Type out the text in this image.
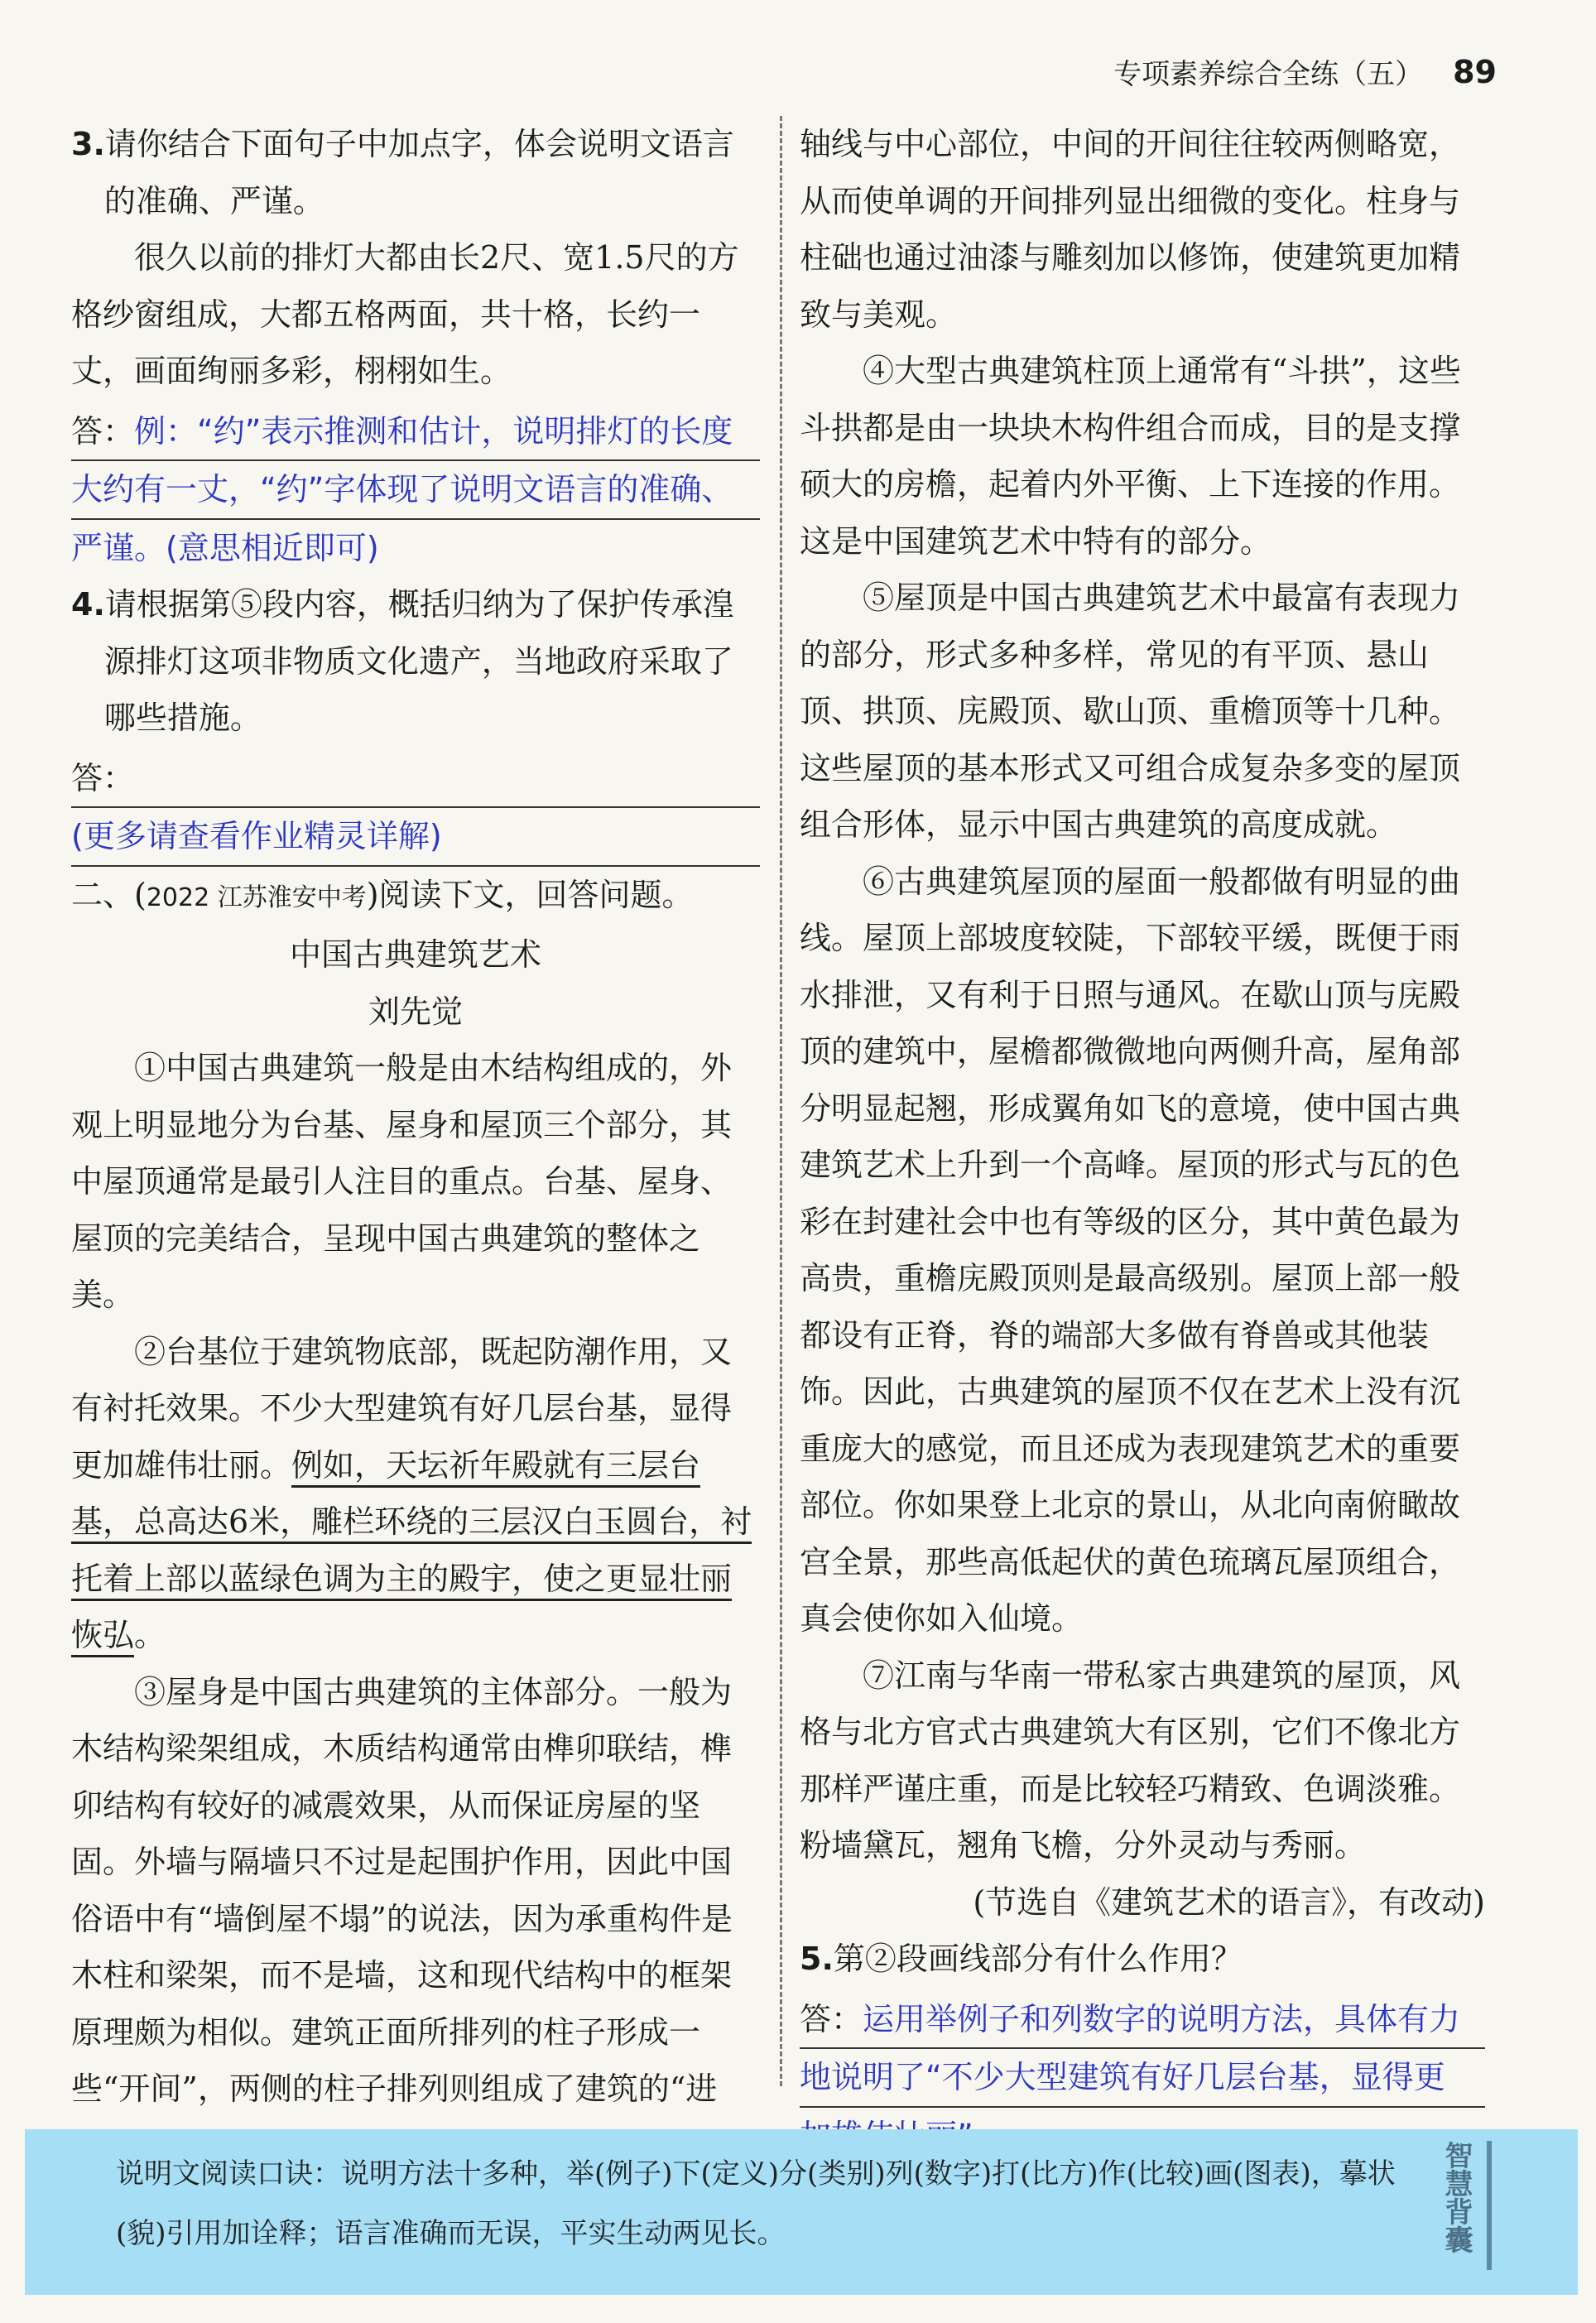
专项素养综合全练（五） 89

3.请你结合下面句子中加点字，体会说明文语言的准确、严谨。

很久以前的排灯大都由长2尺、宽1.5尺的方格纱窗组成，大都五格两面，共十格，长约一丈，画面绚丽多彩，栩栩如生。

答：例：“约”表示推测和估计，说明排灯的长度

大约有一丈，“约”字体现了说明文语言的准确、

严谨。(意思相近即可)

4.请根据第⑤段内容，概括归纳为了保护传承湟源排灯这项非物质文化遗产，当地政府采取了哪些措施。

答：

(更多请查看作业精灵详解)

二、(2022 江苏淮安中考)阅读下文，回答问题。

中国古典建筑艺术

刘先觉

①中国古典建筑一般是由木结构组成的，外观上明显地分为台基、屋身和屋顶三个部分，其中屋顶通常是最引人注目的重点。台基、屋身、屋顶的完美结合，呈现中国古典建筑的整体之美。

②台基位于建筑物底部，既起防潮作用，又有衬托效果。不少大型建筑有好几层台基，显得更加雄伟壮丽。例如，天坛祈年殿就有三层台基，总高达6米，雕栏环绕的三层汉白玉圆台，衬托着上部以蓝绿色调为主的殿宇，使之更显壮丽恢弘。

③屋身是中国古典建筑的主体部分。一般为木结构梁架组成，木质结构通常由榫卯联结，榫卯结构有较好的减震效果，从而保证房屋的坚固。外墙与隔墙只不过是起围护作用，因此中国俗语中有“墙倒屋不塌”的说法，因为承重构件是木柱和梁架，而不是墙，这和现代结构中的框架原理颇为相似。建筑正面所排列的柱子形成一些“开间”，两侧的柱子排列则组成了建筑的“进

轴线与中心部位，中间的开间往往较两侧略宽，从而使单调的开间排列显出细微的变化。柱身与柱础也通过油漆与雕刻加以修饰，使建筑更加精致与美观。

④大型古典建筑柱顶上通常有“斗拱”，这些斗拱都是由一块块木构件组合而成，目的是支撑硕大的房檐，起着内外平衡、上下连接的作用。这是中国建筑艺术中特有的部分。

⑤屋顶是中国古典建筑艺术中最富有表现力的部分，形式多种多样，常见的有平顶、悬山顶、拱顶、庑殿顶、歇山顶、重檐顶等十几种。这些屋顶的基本形式又可组合成复杂多变的屋顶组合形体，显示中国古典建筑的高度成就。

⑥古典建筑屋顶的屋面一般都做有明显的曲线。屋顶上部坡度较陡，下部较平缓，既便于雨水排泄，又有利于日照与通风。在歇山顶与庑殿顶的建筑中，屋檐都微微地向两侧升高，屋角部分明显起翘，形成翼角如飞的意境，使中国古典建筑艺术上升到一个高峰。屋顶的形式与瓦的色彩在封建社会中也有等级的区分，其中黄色最为高贵，重檐庑殿顶则是最高级别。屋顶上部一般都设有正脊，脊的端部大多做有脊兽或其他装饰。因此，古典建筑的屋顶不仅在艺术上没有沉重庞大的感觉，而且还成为表现建筑艺术的重要部位。你如果登上北京的景山，从北向南俯瞰故宫全景，那些高低起伏的黄色琉璃瓦屋顶组合，真会使你如入仙境。

⑦江南与华南一带私家古典建筑的屋顶，风格与北方官式古典建筑大有区别，它们不像北方那样严谨庄重，而是比较轻巧精致、色调淡雅。粉墙黛瓦，翘角飞檐，分外灵动与秀丽。

(节选自《建筑艺术的语言》，有改动)

5.第②段画线部分有什么作用？

答：运用举例子和列数字的说明方法，具体有力

地说明了“不少大型建筑有好几层台基，显得更

说明文阅读口诀：说明方法十多种，举(例子)下(定义)分(类别)列(数字)打(比方)作(比较)画(图表)，摹状(貌)引用加诠释；语言准确而无误，平实生动两见长。	智慧背囊
